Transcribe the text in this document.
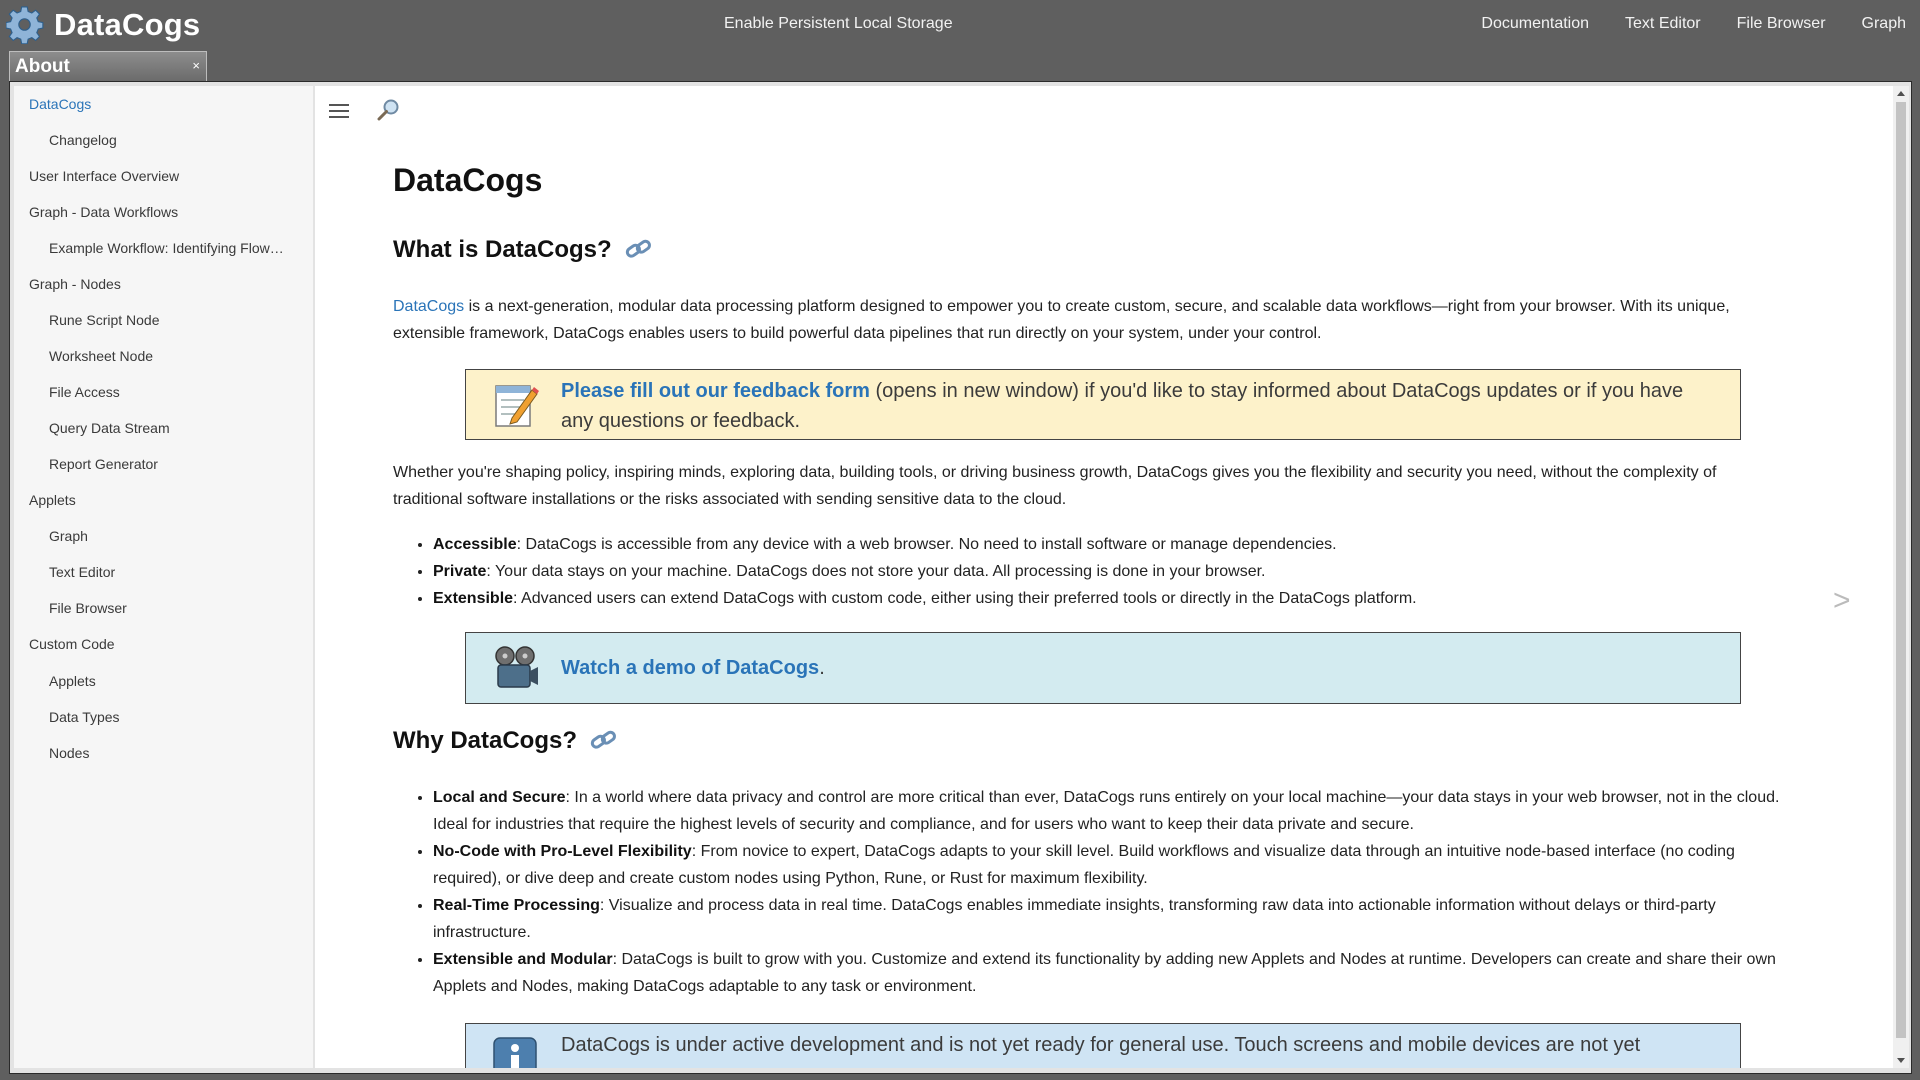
DataCogs	Enable Persistent Local Storage	Documentation Text Editor File Browser Graph
About	×
DataCogs
Changelog
User Interface Overview
Graph - Data Workflows
Example Workflow: Identifying Flow…
Graph - Nodes
Rune Script Node
Worksheet Node
File Access
Query Data Stream
Report Generator
Applets
Graph
Text Editor
File Browser
Custom Code
Applets
Data Types
Nodes
DataCogs
What is DataCogs?
DataCogs is a next-generation, modular data processing platform designed to empower you to create custom, secure, and scalable data workflows—right from your browser. With its unique, extensible framework, DataCogs enables users to build powerful data pipelines that run directly on your system, under your control.
Please fill out our feedback form (opens in new window) if you'd like to stay informed about DataCogs updates or if you have any questions or feedback.
Whether you're shaping policy, inspiring minds, exploring data, building tools, or driving business growth, DataCogs gives you the flexibility and security you need, without the complexity of traditional software installations or the risks associated with sending sensitive data to the cloud.
• Accessible: DataCogs is accessible from any device with a web browser. No need to install software or manage dependencies.
• Private: Your data stays on your machine. DataCogs does not store your data. All processing is done in your browser.
• Extensible: Advanced users can extend DataCogs with custom code, either using their preferred tools or directly in the DataCogs platform.
Watch a demo of DataCogs.
Why DataCogs?
• Local and Secure: In a world where data privacy and control are more critical than ever, DataCogs runs entirely on your local machine—your data stays in your web browser, not in the cloud. Ideal for industries that require the highest levels of security and compliance, and for users who want to keep their data private and secure.
• No-Code with Pro-Level Flexibility: From novice to expert, DataCogs adapts to your skill level. Build workflows and visualize data through an intuitive node-based interface (no coding required), or dive deep and create custom nodes using Python, Rune, or Rust for maximum flexibility.
• Real-Time Processing: Visualize and process data in real time. DataCogs enables immediate insights, transforming raw data into actionable information without delays or third-party infrastructure.
• Extensible and Modular: DataCogs is built to grow with you. Customize and extend its functionality by adding new Applets and Nodes at runtime. Developers can create and share their own Applets and Nodes, making DataCogs adaptable to any task or environment.
DataCogs is under active development and is not yet ready for general use. Touch screens and mobile devices are not yet
>
